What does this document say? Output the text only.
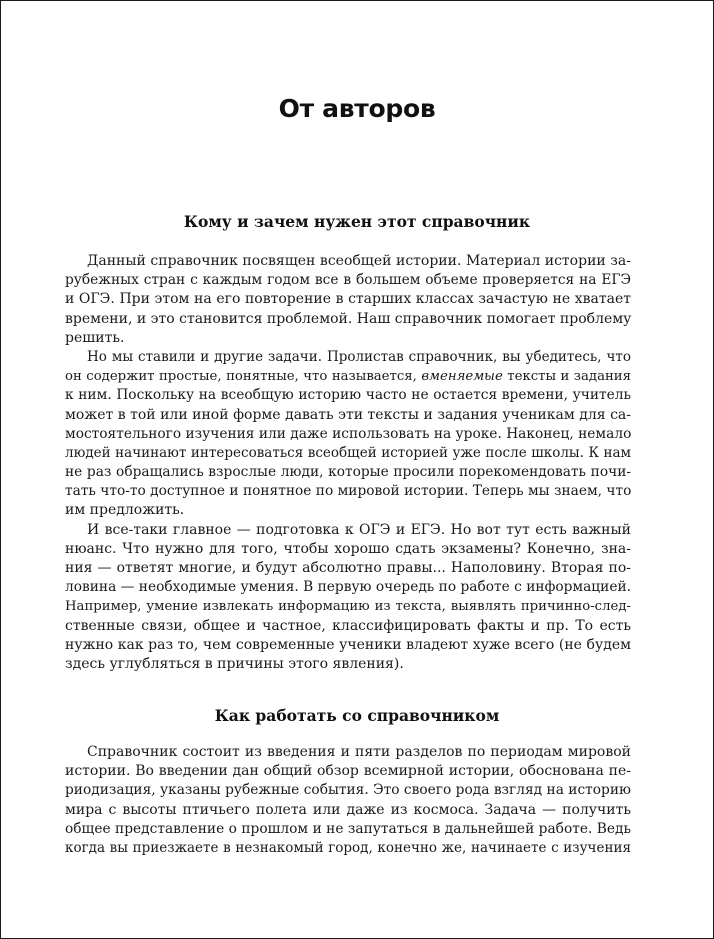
От авторов
Кому и зачем нужен этот справочник
Данный справочник посвящен всеобщей истории. Материал истории за-
рубежных стран с каждым годом все в большем объеме проверяется на ЕГЭ
и ОГЭ. При этом на его повторение в старших классах зачастую не хватает
времени, и это становится проблемой. Наш справочник помогает проблему
решить.
Но мы ставили и другие задачи. Пролистав справочник, вы убедитесь, что
он содержит простые, понятные, что называется, вменяемые тексты и задания
к ним. Поскольку на всеобщую историю часто не остается времени, учитель
может в той или иной форме давать эти тексты и задания ученикам для са-
мостоятельного изучения или даже использовать на уроке. Наконец, немало
людей начинают интересоваться всеобщей историей уже после школы. К нам
не раз обращались взрослые люди, которые просили порекомендовать почи-
тать что-то доступное и понятное по мировой истории. Теперь мы знаем, что
им предложить.
И все-таки главное — подготовка к ОГЭ и ЕГЭ. Но вот тут есть важный
нюанс. Что нужно для того, чтобы хорошо сдать экзамены? Конечно, зна-
ния — ответят многие, и будут абсолютно правы... Наполовину. Вторая по-
ловина — необходимые умения. В первую очередь по работе с информацией.
Например, умение извлекать информацию из текста, выявлять причинно-след-
ственные связи, общее и частное, классифицировать факты и пр. То есть
нужно как раз то, чем современные ученики владеют хуже всего (не будем
здесь углубляться в причины этого явления).
Как работать со справочником
Справочник состоит из введения и пяти разделов по периодам мировой
истории. Во введении дан общий обзор всемирной истории, обоснована пе-
риодизация, указаны рубежные события. Это своего рода взгляд на историю
мира с высоты птичьего полета или даже из космоса. Задача — получить
общее представление о прошлом и не запутаться в дальнейшей работе. Ведь
когда вы приезжаете в незнакомый город, конечно же, начинаете с изучения
